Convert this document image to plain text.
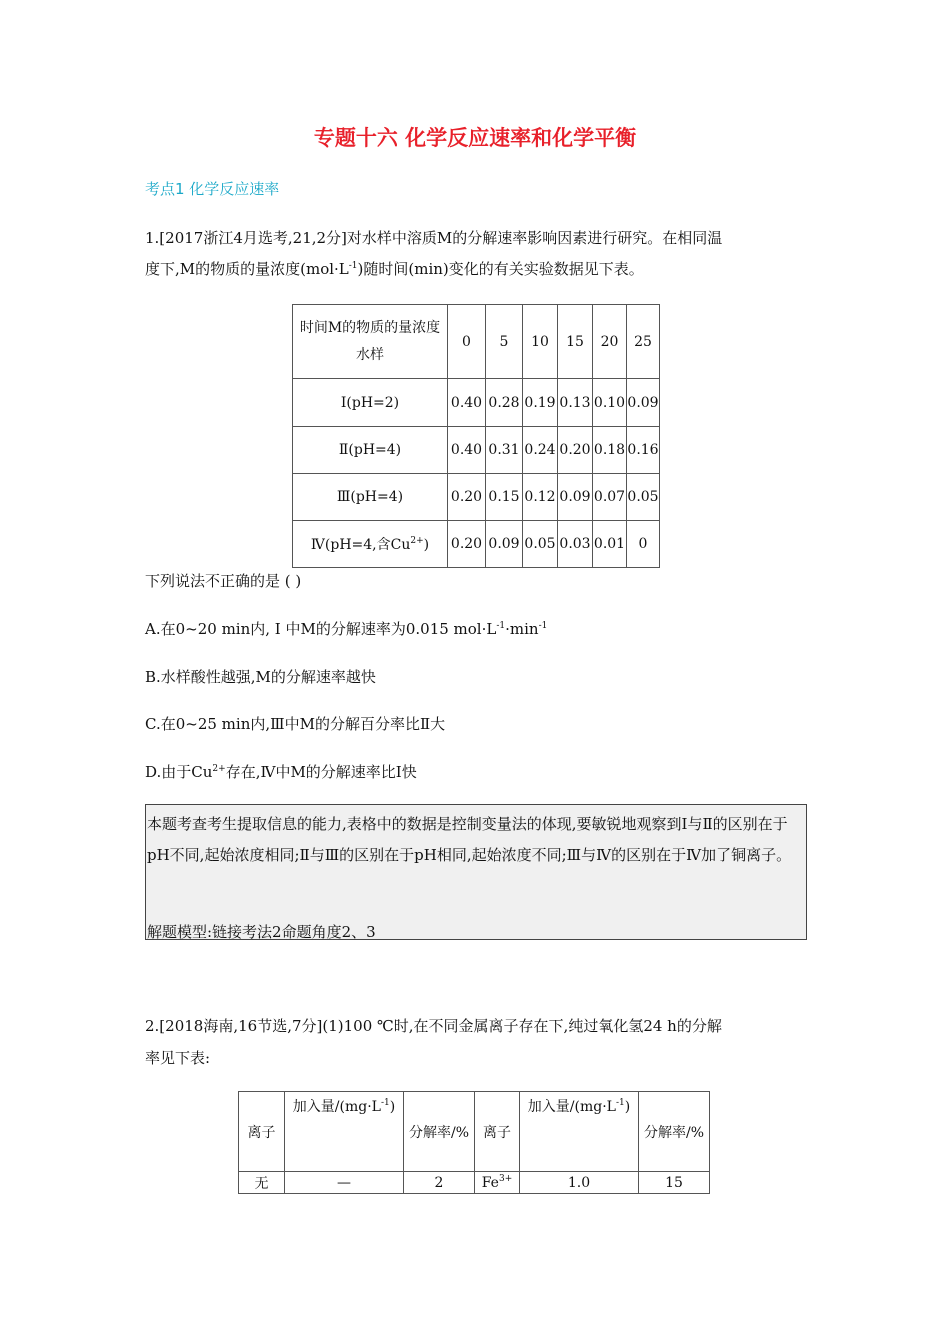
专题十六 化学反应速率和化学平衡
考点1 化学反应速率
1.[2017浙江4月选考,21,2分]对水样中溶质M的分解速率影响因素进行研究。在相同温
度下,M的物质的量浓度$(mol\cdot L^{-1})$随时间(min)变化的有关实验数据见下表。
时间M的物质的量浓度水样	0	5	10	15	20	25
Ⅰ(pH=2)	0.40	0.28	0.19	0.13	0.10	0.09
Ⅱ(pH=4)	0.40	0.31	0.24	0.20	0.18	0.16
Ⅲ(pH=4)	0.20	0.15	0.12	0.09	0.07	0.05
Ⅳ(pH=4,含$Cu^{2+}$)	0.20	0.09	0.05	0.03	0.01	0
下列说法不正确的是 ( )
A.在0~20 min内, Ⅰ 中M的分解速率为0.015 $mol\cdot L^{-1}\cdot\min^{-1}$
B.水样酸性越强,M的分解速率越快
C.在0~25 min内,Ⅲ中M的分解百分率比Ⅱ大
D.由于$Cu^{2+}$存在,Ⅳ中M的分解速率比Ⅰ快
本题考查考生提取信息的能力,表格中的数据是控制变量法的体现,要敏锐地观察到Ⅰ与Ⅱ的区别在于pH不同,起始浓度相同;Ⅱ与Ⅲ的区别在于pH相同,起始浓度不同;Ⅲ与Ⅳ的区别在于Ⅳ加了铜离子。
解题模型:链接考法2命题角度2、3
2.[2018海南,16节选,7分](1)100 ℃时,在不同金属离子存在下,纯过氧化氢24 h的分解
率见下表:
离子	加入量$/(mg\cdot L^{-1})$	分解率/%	离子	加入量$/(mg\cdot L^{-1})$	分解率/%
无	—	2	$Fe^{3+}$	1.0	15
